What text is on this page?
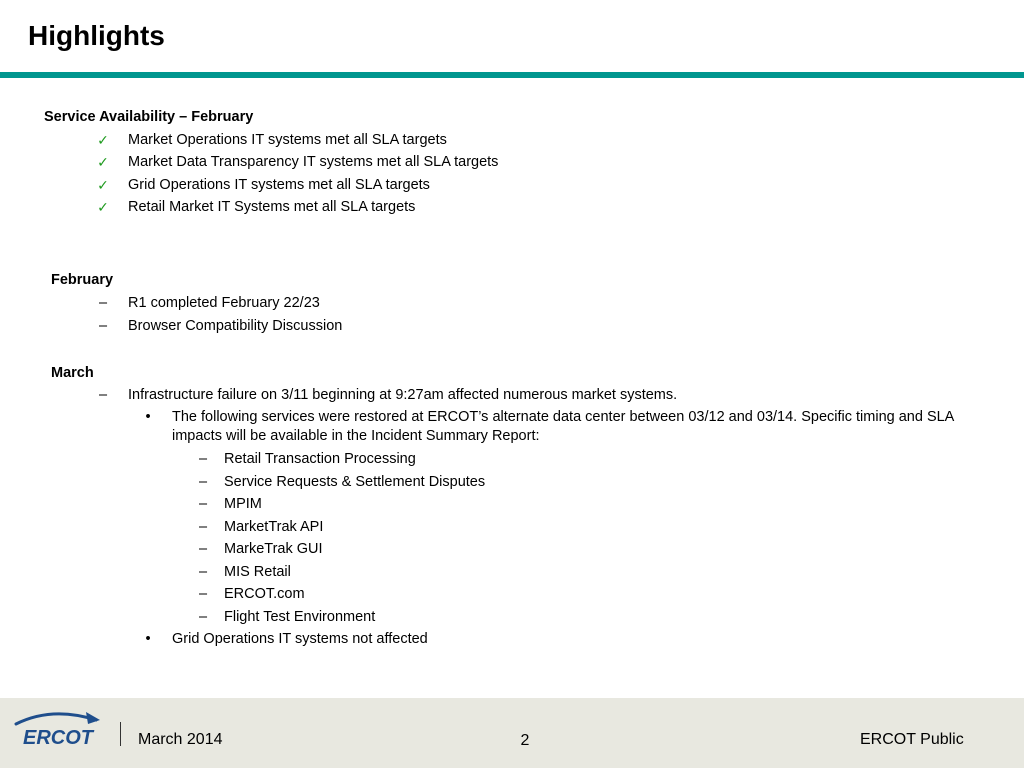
Highlights
Service Availability – February
✓ Market Operations IT systems met all SLA targets
✓ Market Data Transparency IT systems met all SLA targets
✓ Grid Operations IT systems met all SLA targets
✓ Retail Market IT Systems met all SLA targets
February
– R1 completed February 22/23
– Browser Compatibility Discussion
March
– Infrastructure failure on 3/11 beginning at 9:27am affected numerous market systems.
•	The following services were restored at ERCOT’s alternate data center between 03/12 and 03/14. Specific timing and SLA impacts will be available in the Incident Summary Report:
– Retail Transaction Processing
– Service Requests & Settlement Disputes
– MPIM
– MarketTrak API
– MarkeTrak GUI
– MIS Retail
– ERCOT.com
– Flight Test Environment
•	Grid Operations IT systems not affected
ERCOT	March 2014	2	ERCOT Public
